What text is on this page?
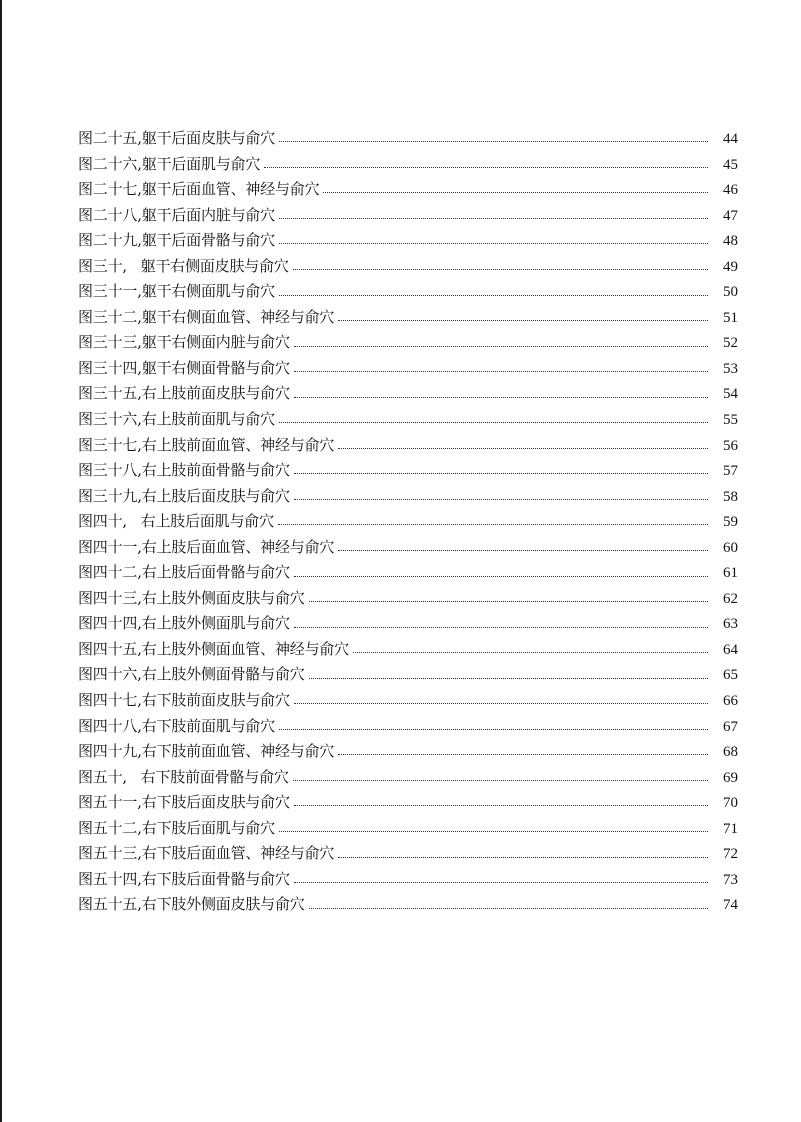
图二十五,躯干后面皮肤与俞穴	44
图二十六,躯干后面肌与俞穴	45
图二十七,躯干后面血管、神经与俞穴	46
图二十八,躯干后面内脏与俞穴	47
图二十九,躯干后面骨骼与俞穴	48
图三十,   躯干右侧面皮肤与俞穴	49
图三十一,躯干右侧面肌与俞穴	50
图三十二,躯干右侧面血管、神经与俞穴	51
图三十三,躯干右侧面内脏与俞穴	52
图三十四,躯干右侧面骨骼与俞穴	53
图三十五,右上肢前面皮肤与俞穴	54
图三十六,右上肢前面肌与俞穴	55
图三十七,右上肢前面血管、神经与俞穴	56
图三十八,右上肢前面骨骼与俞穴	57
图三十九,右上肢后面皮肤与俞穴	58
图四十,   右上肢后面肌与俞穴	59
图四十一,右上肢后面血管、神经与俞穴	60
图四十二,右上肢后面骨骼与俞穴	61
图四十三,右上肢外侧面皮肤与俞穴	62
图四十四,右上肢外侧面肌与俞穴	63
图四十五,右上肢外侧面血管、神经与俞穴	64
图四十六,右上肢外侧面骨骼与俞穴	65
图四十七,右下肢前面皮肤与俞穴	66
图四十八,右下肢前面肌与俞穴	67
图四十九,右下肢前面血管、神经与俞穴	68
图五十,   右下肢前面骨骼与俞穴	69
图五十一,右下肢后面皮肤与俞穴	70
图五十二,右下肢后面肌与俞穴	71
图五十三,右下肢后面血管、神经与俞穴	72
图五十四,右下肢后面骨骼与俞穴	73
图五十五,右下肢外侧面皮肤与俞穴	74
